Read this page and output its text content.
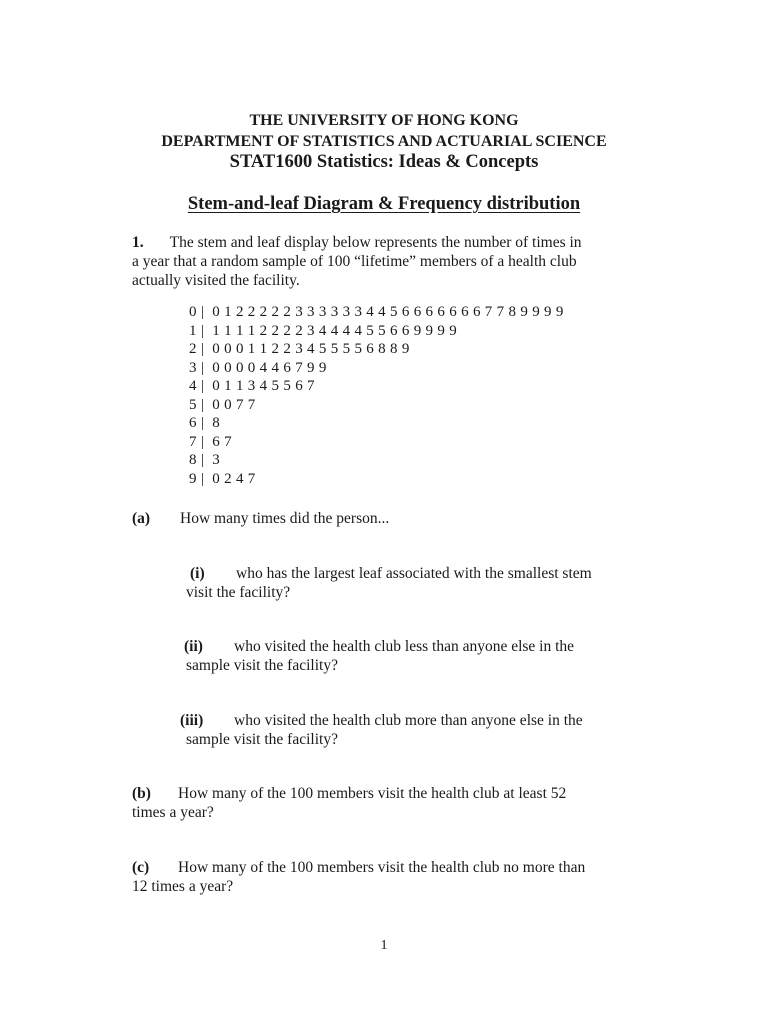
THE UNIVERSITY OF HONG KONG
DEPARTMENT OF STATISTICS AND ACTUARIAL SCIENCE
STAT1600 Statistics: Ideas & Concepts
Stem-and-leaf Diagram & Frequency distribution
1. The stem and leaf display below represents the number of times in
a year that a random sample of 100 “lifetime” members of a health club
actually visited the facility.
0 |  0 1 2 2 2 2 2 3 3 3 3 3 3 4 4 5 6 6 6 6 6 6 6 7 7 8 9 9 9 9
1 |  1 1 1 1 2 2 2 2 3 4 4 4 4 5 5 6 6 9 9 9 9
2 |  0 0 0 1 1 2 2 3 4 5 5 5 5 6 8 8 9
3 |  0 0 0 0 4 4 6 7 9 9
4 |  0 1 1 3 4 5 5 6 7
5 |  0 0 7 7
6 |  8
7 |  6 7
8 |  3
9 |  0 2 4 7
(a) How many times did the person...
(i) who has the largest leaf associated with the smallest stem
visit the facility?
(ii) who visited the health club less than anyone else in the
sample visit the facility?
(iii) who visited the health club more than anyone else in the
sample visit the facility?
(b) How many of the 100 members visit the health club at least 52
times a year?
(c) How many of the 100 members visit the health club no more than
12 times a year?
1
